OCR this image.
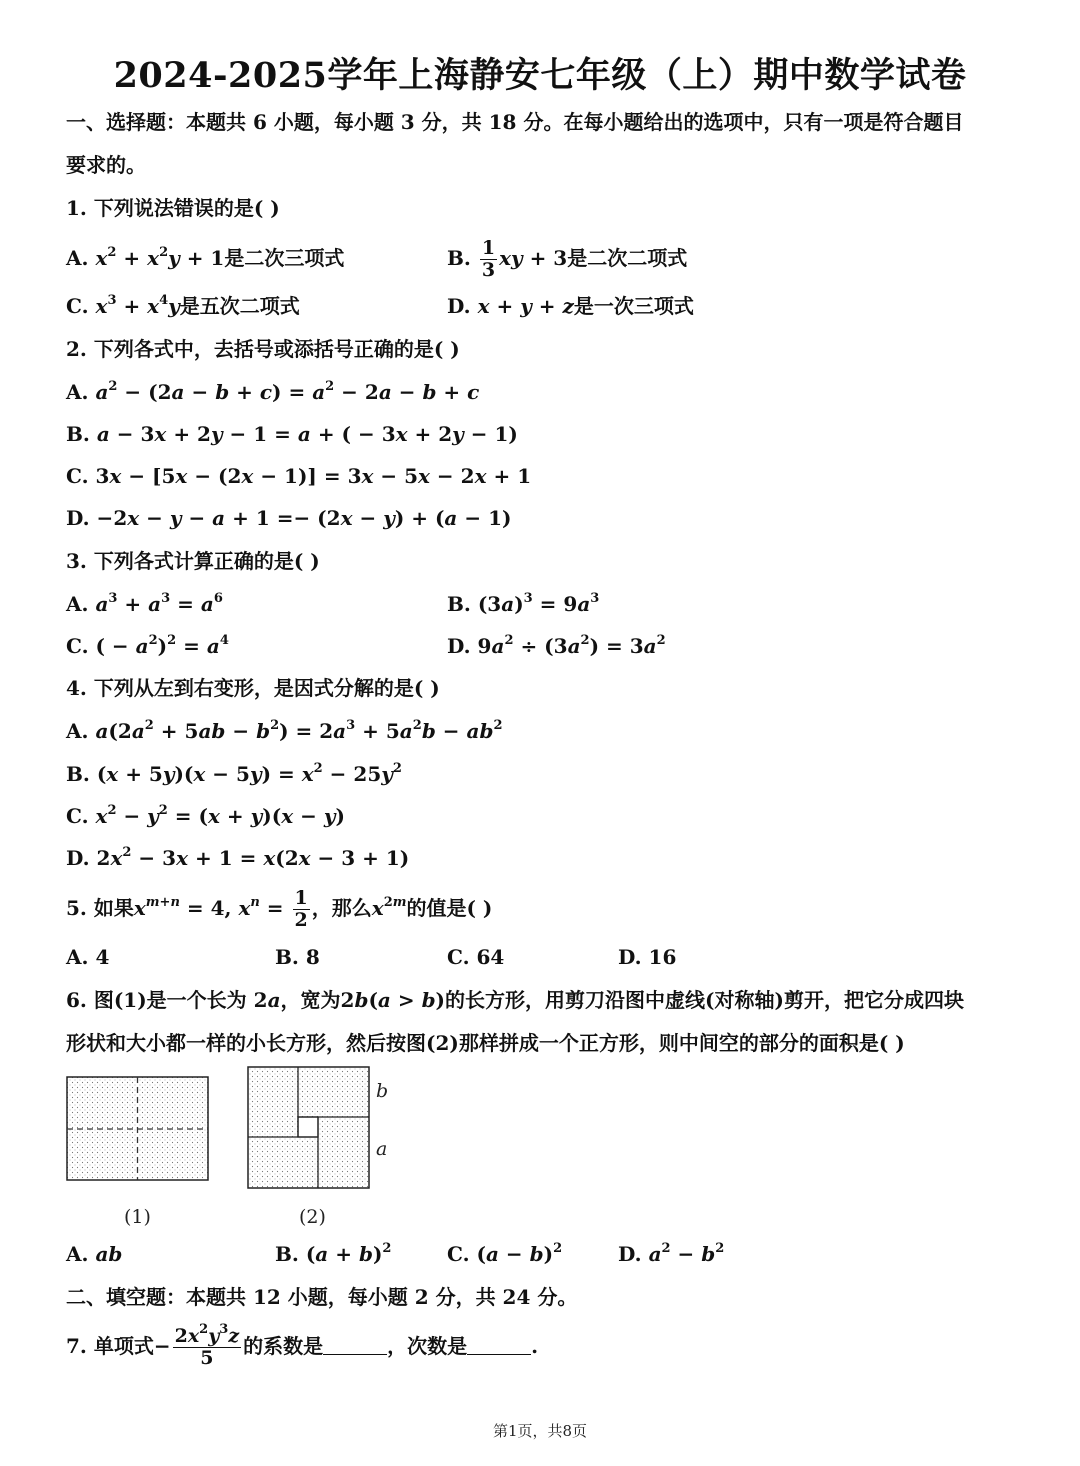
2024-2025学年上海静安七年级（上）期中数学试卷
一、选择题：本题共 6 小题，每小题 3 分，共 18 分。在每小题给出的选项中，只有一项是符合题目
要求的。
1. 下列说法错误的是( )
A. $x^2 + x^2y + 1$是二次三项式	B. $\frac{1}{3}$ xy + 3是二次二项式
C. $x^3 + x^4y$是五次二项式	D. x + y + z是一次三项式
2. 下列各式中，去括号或添括号正确的是( )
A. $a^2 - (2a - b + c) = a^2 - 2a - b + c$
B. a − 3x + 2y − 1 = a + ( − 3x + 2y − 1)
C. 3x − [5x − (2x − 1)] = 3x − 5x − 2x + 1
D. −2x − y − a + 1 =− (2x − y) + (a − 1)
3. 下列各式计算正确的是( )
A. $a^3 + a^3 = a^6$	B. $(3a)^3 = 9a^3$
C. ( − $a^2)^2 = a^4$	D. $9a^2 \div (3a^2) = 3a^2$
4. 下列从左到右变形，是因式分解的是( )
A. $a(2a^2 + 5ab - b^2) = 2a^3 + 5a^2b - ab^2$
B. $(x + 5y)(x - 5y) = x^2 - 25y^2$
C. $x^2 - y^2 = (x + y)(x - y)$
D. $2x^2 - 3x + 1 = x(2x - 3 + 1)$
5. 如果$x^{m+n} = 4$, $x^n = \frac{1}{2}$ ，那么$x^{2m}$的值是( )
A. 4	B. 8	C. 64	D. 16
6. 图(1)是一个长为 2a，宽为2b(a > b)的长方形，用剪刀沿图中虚线(对称轴)剪开，把它分成四块
形状和大小都一样的小长方形，然后按图(2)那样拼成一个正方形，则中间空的部分的面积是( )
(1)
b
a
(2)
A. ab	B. $(a + b)^2$	C. $(a - b)^2$	D. $a^2 - b^2$
二、填空题：本题共 12 小题，每小题 2 分，共 24 分。
7. 单项式− $\frac{2x^2y^3z}{5}$ 的系数是	，次数是	.
第1页，共8页
